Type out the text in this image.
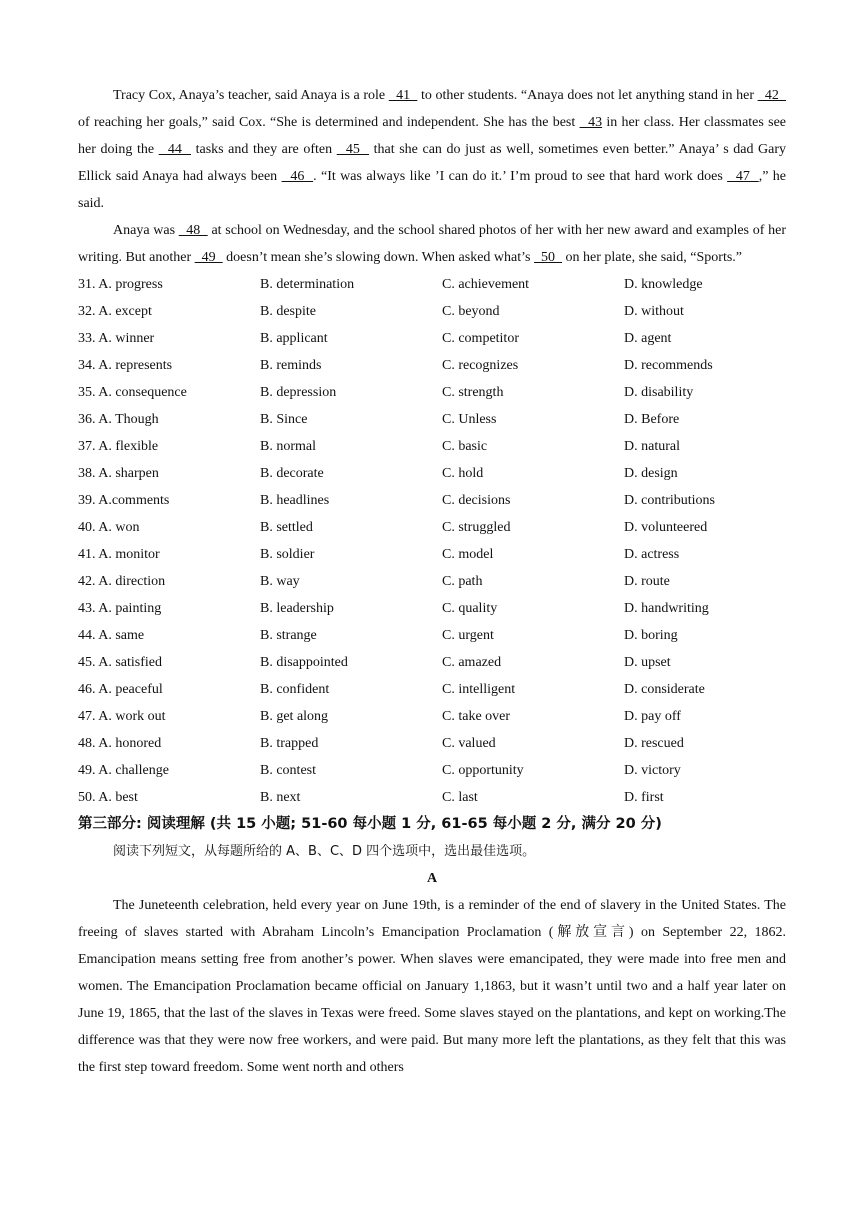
Tracy Cox, Anaya’s teacher, said Anaya is a role   41   to other students. “Anaya does not let anything stand in her   42   of reaching her goals,” said Cox. “She is determined and independent. She has the best   43 in her class. Her classmates see her doing the   44   tasks and they are often   45   that she can do just as well, sometimes even better.” Anaya’ s dad Gary Ellick said Anaya had always been   46  . “It was always like ’I can do it.’ I’m proud to see that hard work does   47  ,” he said.

Anaya was   48   at school on Wednesday, and the school shared photos of her with her new award and examples of her writing. But another   49   doesn’t mean she’s slowing down. When asked what’s   50   on her plate, she said, “Sports.”

31. A. progress	B. determination	C. achievement	D. knowledge
32. A. except	B. despite	C. beyond	D. without
33. A. winner	B. applicant	C. competitor	D. agent
34. A. represents	B. reminds	C. recognizes	D. recommends
35. A. consequence	B. depression	C. strength	D. disability
36. A. Though	B. Since	C. Unless	D. Before
37. A. flexible	B. normal	C. basic	D. natural
38. A. sharpen	B. decorate	C. hold	D. design
39. A.comments	B. headlines	C. decisions	D. contributions
40. A. won	B. settled	C. struggled	D. volunteered
41. A. monitor	B. soldier	C. model	D. actress
42. A. direction	B. way	C. path	D. route
43. A. painting	B. leadership	C. quality	D. handwriting
44. A. same	B. strange	C. urgent	D. boring
45. A. satisfied	B. disappointed	C. amazed	D. upset
46. A. peaceful	B. confident	C. intelligent	D. considerate
47. A. work out	B. get along	C. take over	D. pay off
48. A. honored	B. trapped	C. valued	D. rescued
49. A. challenge	B. contest	C. opportunity	D. victory
50. A. best	B. next	C. last	D. first

第三部分: 阅读理解 (共 15 小题; 51-60 每小题 1 分, 61-65 每小题 2 分, 满分 20 分)

阅读下列短文，从每题所给的 A、B、C、D 四个选项中，选出最佳选项。

A

The Juneteenth celebration, held every year on June 19th, is a reminder of the end of slavery in the United States. The freeing of slaves started with Abraham Lincoln’s Emancipation Proclamation (解放宣言) on September 22, 1862. Emancipation means setting free from another’s power. When slaves were emancipated, they were made into free men and women. The Emancipation Proclamation became official on January 1,1863, but it wasn’t until two and a half year later on June 19, 1865, that the last of the slaves in Texas were freed. Some slaves stayed on the plantations, and kept on working.The difference was that they were now free workers, and were paid. But many more left the plantations, as they felt that this was the first step toward freedom. Some went north and others
